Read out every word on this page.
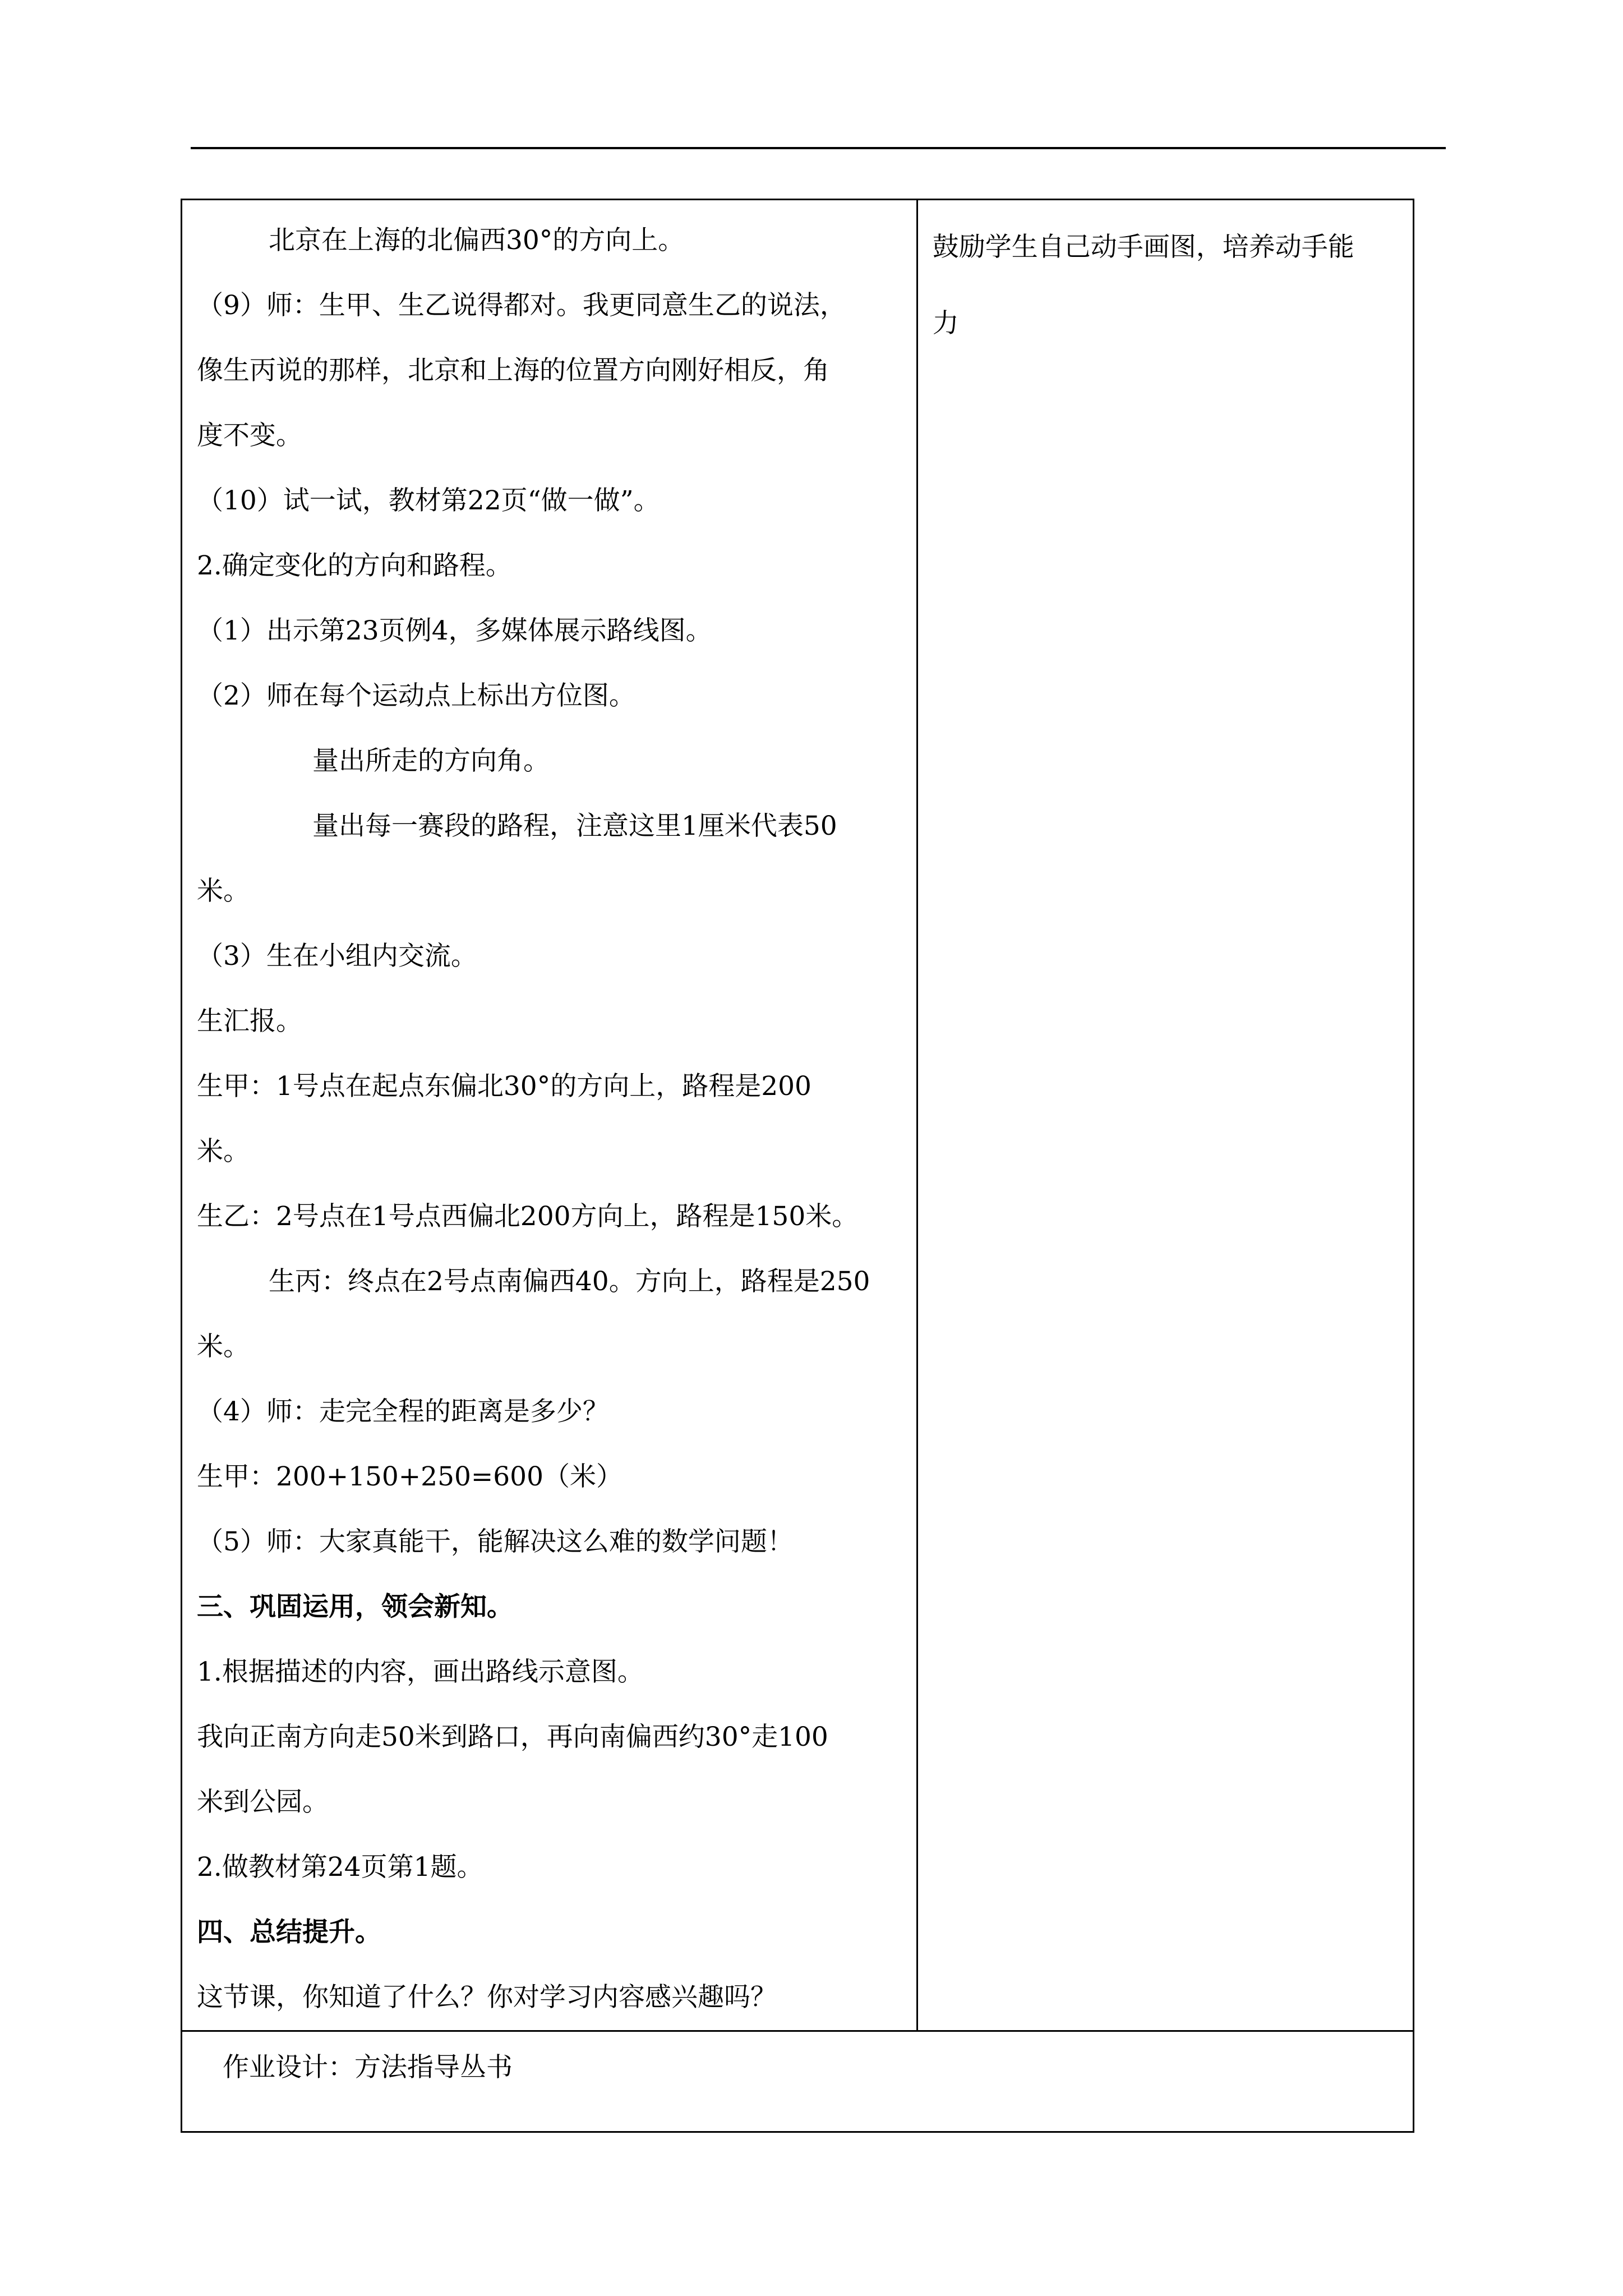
北京在上海的北偏西30°的方向上。

（9）师：生甲、生乙说得都对。我更同意生乙的说法，

像生丙说的那样，北京和上海的位置方向刚好相反，角

度不变。

（10）试一试，教材第22页“做一做”。

2.确定变化的方向和路程。

（1）出示第23页例4，多媒体展示路线图。

（2）师在每个运动点上标出方位图。

量出所走的方向角。

量出每一赛段的路程，注意这里1厘米代表50

米。

（3）生在小组内交流。

生汇报。

生甲：1号点在起点东偏北30°的方向上，路程是200

米。

生乙：2号点在1号点西偏北200方向上，路程是150米。

生丙：终点在2号点南偏西40。方向上，路程是250

米。

（4）师：走完全程的距离是多少？

生甲：200+150+250=600（米）

（5）师：大家真能干，能解决这么难的数学问题！

三、巩固运用，领会新知。

1.根据描述的内容，画出路线示意图。

我向正南方向走50米到路口，再向南偏西约30°走100

米到公园。

2.做教材第24页第1题。

四、总结提升。

这节课，你知道了什么？你对学习内容感兴趣吗？

鼓励学生自己动手画图，培养动手能

力

作业设计：方法指导丛书
